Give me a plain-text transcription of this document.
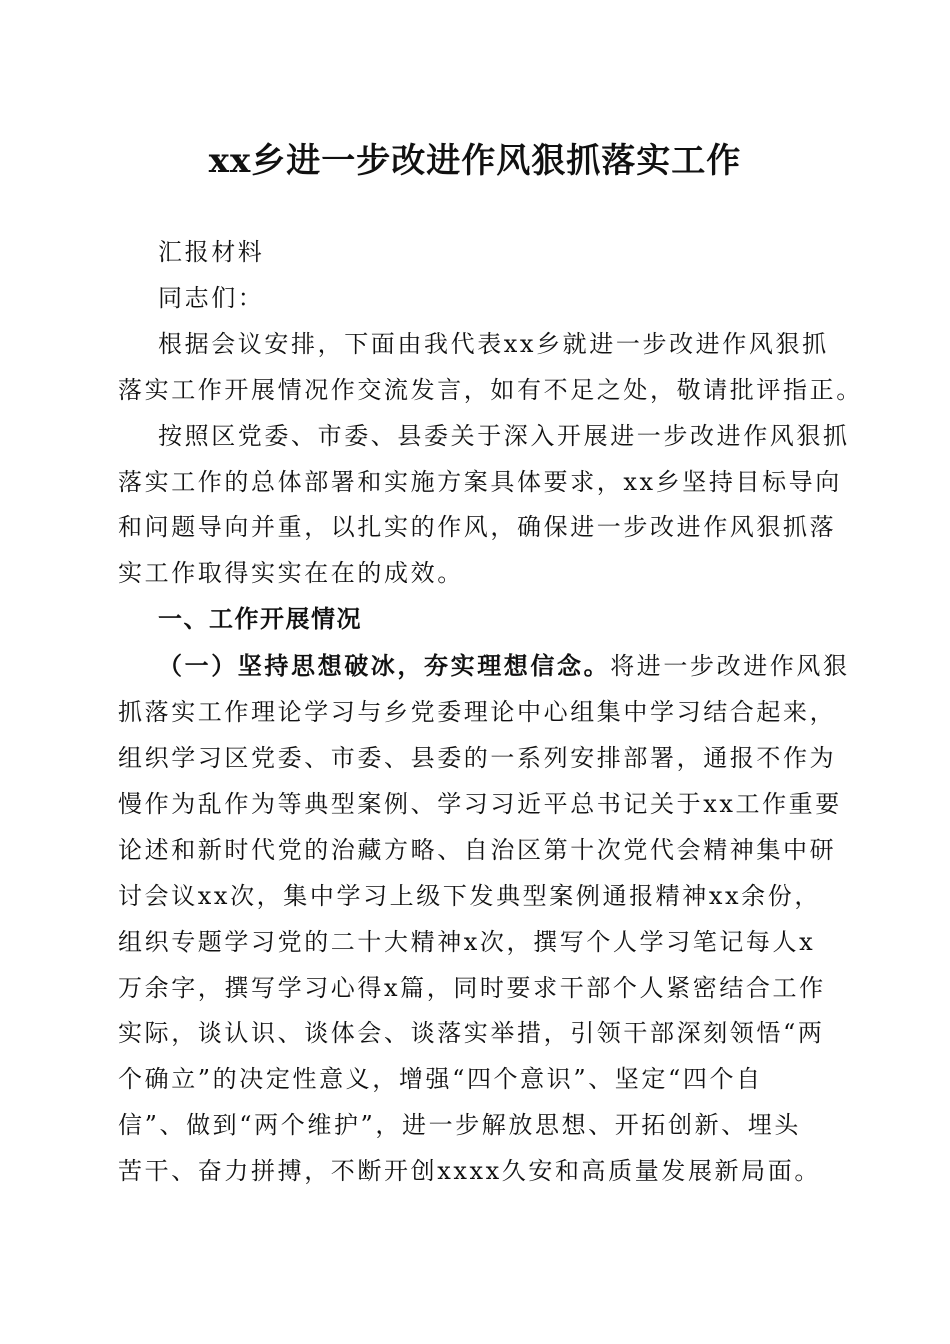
xx乡进一步改进作风狠抓落实工作

汇报材料

同志们：

根据会议安排，下面由我代表xx乡就进一步改进作风狠抓

落实工作开展情况作交流发言，如有不足之处，敬请批评指正。

按照区党委、市委、县委关于深入开展进一步改进作风狠抓

落实工作的总体部署和实施方案具体要求，xx乡坚持目标导向

和问题导向并重，以扎实的作风，确保进一步改进作风狠抓落

实工作取得实实在在的成效。

一、工作开展情况

（一）坚持思想破冰，夯实理想信念。将进一步改进作风狠

抓落实工作理论学习与乡党委理论中心组集中学习结合起来，

组织学习区党委、市委、县委的一系列安排部署，通报不作为

慢作为乱作为等典型案例、学习习近平总书记关于xx工作重要

论述和新时代党的治藏方略、自治区第十次党代会精神集中研

讨会议xx次，集中学习上级下发典型案例通报精神xx余份，

组织专题学习党的二十大精神x次，撰写个人学习笔记每人x

万余字，撰写学习心得x篇，同时要求干部个人紧密结合工作

实际，谈认识、谈体会、谈落实举措，引领干部深刻领悟“两

个确立”的决定性意义，增强“四个意识”、坚定“四个自

信”、做到“两个维护”，进一步解放思想、开拓创新、埋头

苦干、奋力拼搏，不断开创xxxx久安和高质量发展新局面。
